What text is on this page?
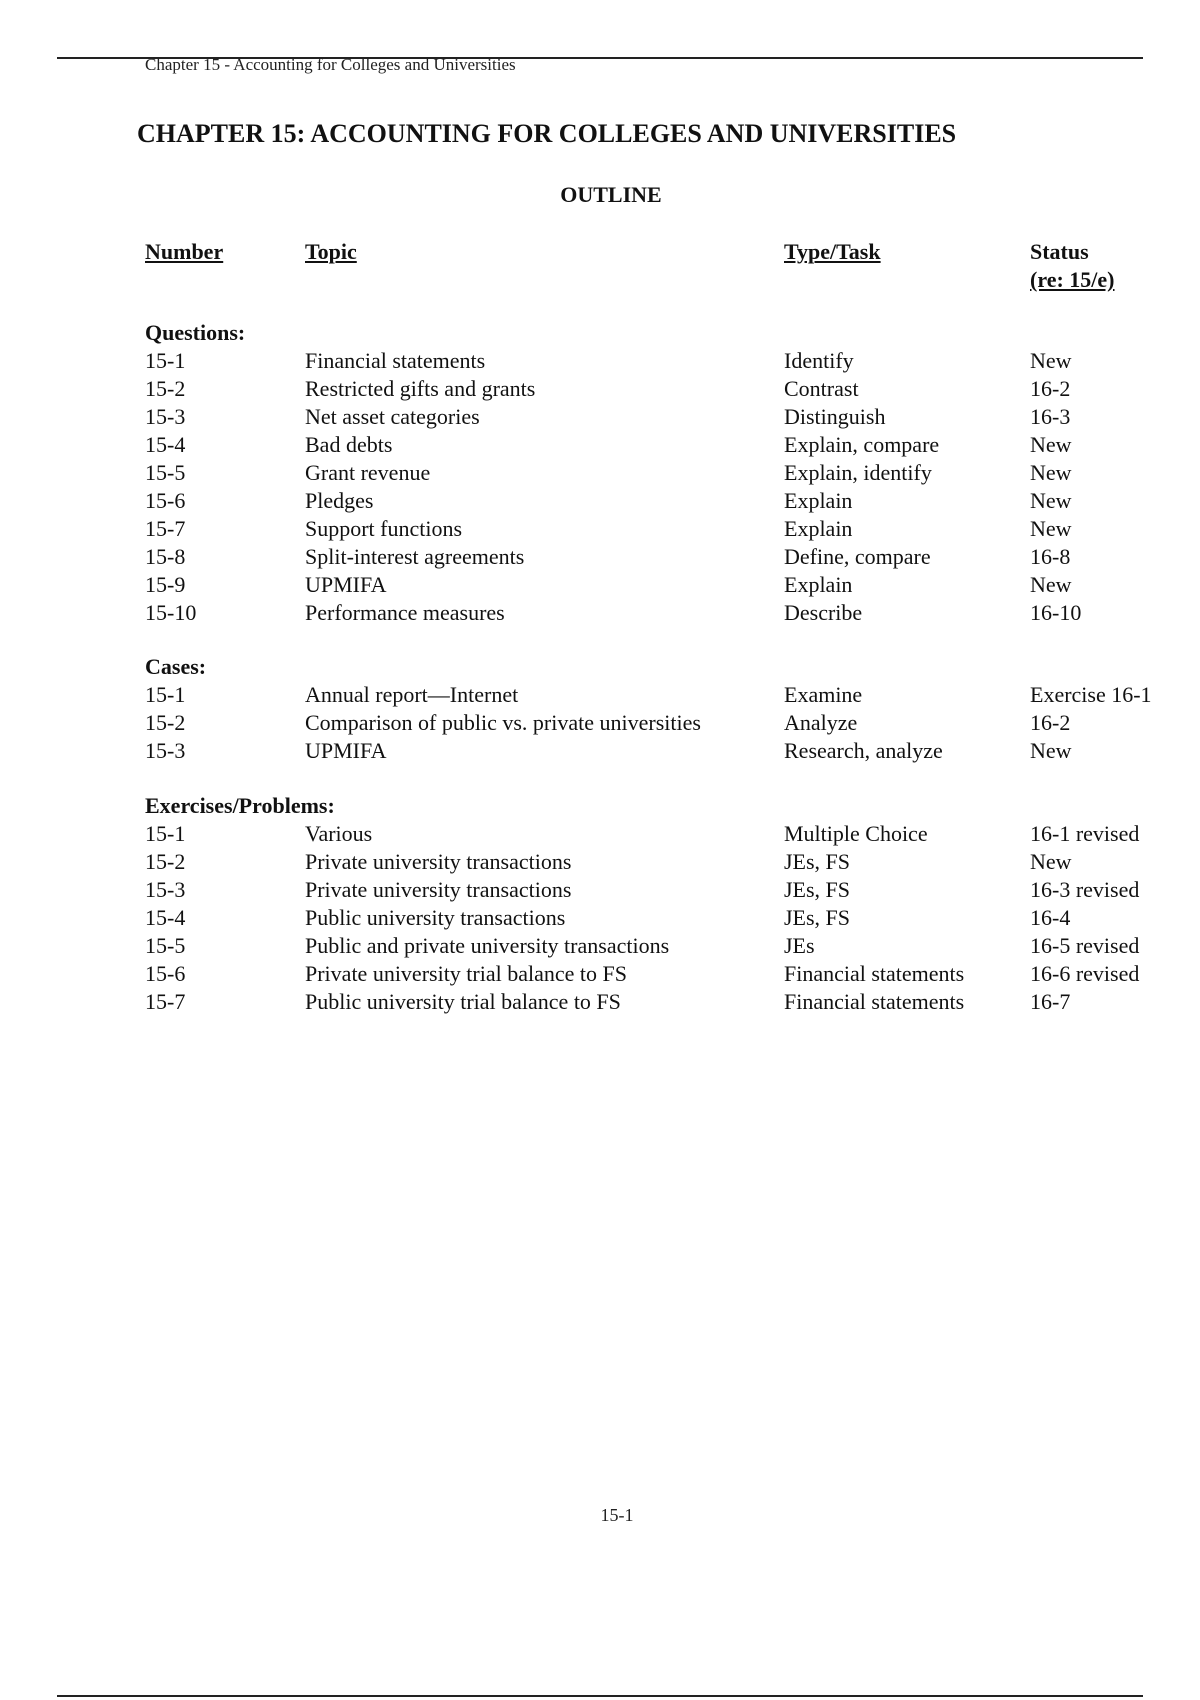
Chapter 15 - Accounting for Colleges and Universities
CHAPTER 15: ACCOUNTING FOR COLLEGES AND UNIVERSITIES
OUTLINE
Number	Topic	Type/Task	Status
(re: 15/e)
Questions:
15-1	Financial statements	Identify	New
15-2	Restricted gifts and grants	Contrast	16-2
15-3	Net asset categories	Distinguish	16-3
15-4	Bad debts	Explain, compare	New
15-5	Grant revenue	Explain, identify	New
15-6	Pledges	Explain	New
15-7	Support functions	Explain	New
15-8	Split-interest agreements	Define, compare	16-8
15-9	UPMIFA	Explain	New
15-10	Performance measures	Describe	16-10
Cases:
15-1	Annual report—Internet	Examine	Exercise 16-1
15-2	Comparison of public vs. private universities	Analyze	16-2
15-3	UPMIFA	Research, analyze	New
Exercises/Problems:
15-1	Various	Multiple Choice	16-1 revised
15-2	Private university transactions	JEs, FS	New
15-3	Private university transactions	JEs, FS	16-3 revised
15-4	Public university transactions	JEs, FS	16-4
15-5	Public and private university transactions	JEs	16-5 revised
15-6	Private university trial balance to FS	Financial statements	16-6 revised
15-7	Public university trial balance to FS	Financial statements	16-7
15-1
